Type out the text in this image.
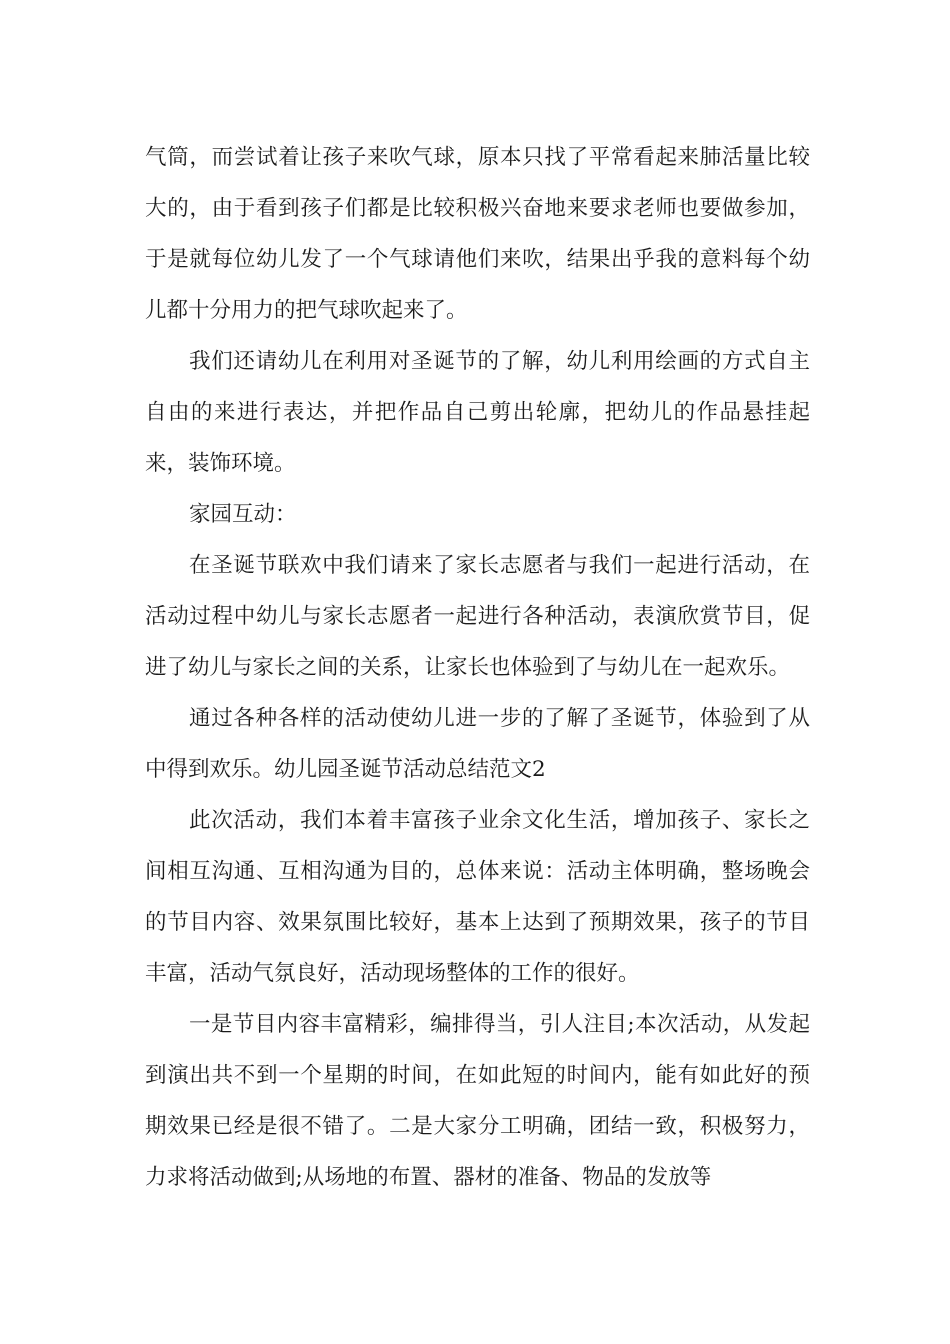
气筒，而尝试着让孩子来吹气球，原本只找了平常看起来肺活量比较大的，由于看到孩子们都是比较积极兴奋地来要求老师也要做参加，于是就每位幼儿发了一个气球请他们来吹，结果出乎我的意料每个幼儿都十分用力的把气球吹起来了。

我们还请幼儿在利用对圣诞节的了解，幼儿利用绘画的方式自主自由的来进行表达，并把作品自己剪出轮廓，把幼儿的作品悬挂起来，装饰环境。

家园互动：

在圣诞节联欢中我们请来了家长志愿者与我们一起进行活动，在活动过程中幼儿与家长志愿者一起进行各种活动，表演欣赏节目，促进了幼儿与家长之间的关系，让家长也体验到了与幼儿在一起欢乐。

通过各种各样的活动使幼儿进一步的了解了圣诞节，体验到了从中得到欢乐。幼儿园圣诞节活动总结范文2

此次活动，我们本着丰富孩子业余文化生活，增加孩子、家长之间相互沟通、互相沟通为目的，总体来说：活动主体明确，整场晚会的节目内容、效果氛围比较好，基本上达到了预期效果，孩子的节目丰富，活动气氛良好，活动现场整体的工作的很好。

一是节目内容丰富精彩，编排得当，引人注目;本次活动，从发起到演出共不到一个星期的时间，在如此短的时间内，能有如此好的预期效果已经是很不错了。二是大家分工明确，团结一致，积极努力，力求将活动做到;从场地的布置、器材的准备、物品的发放等
